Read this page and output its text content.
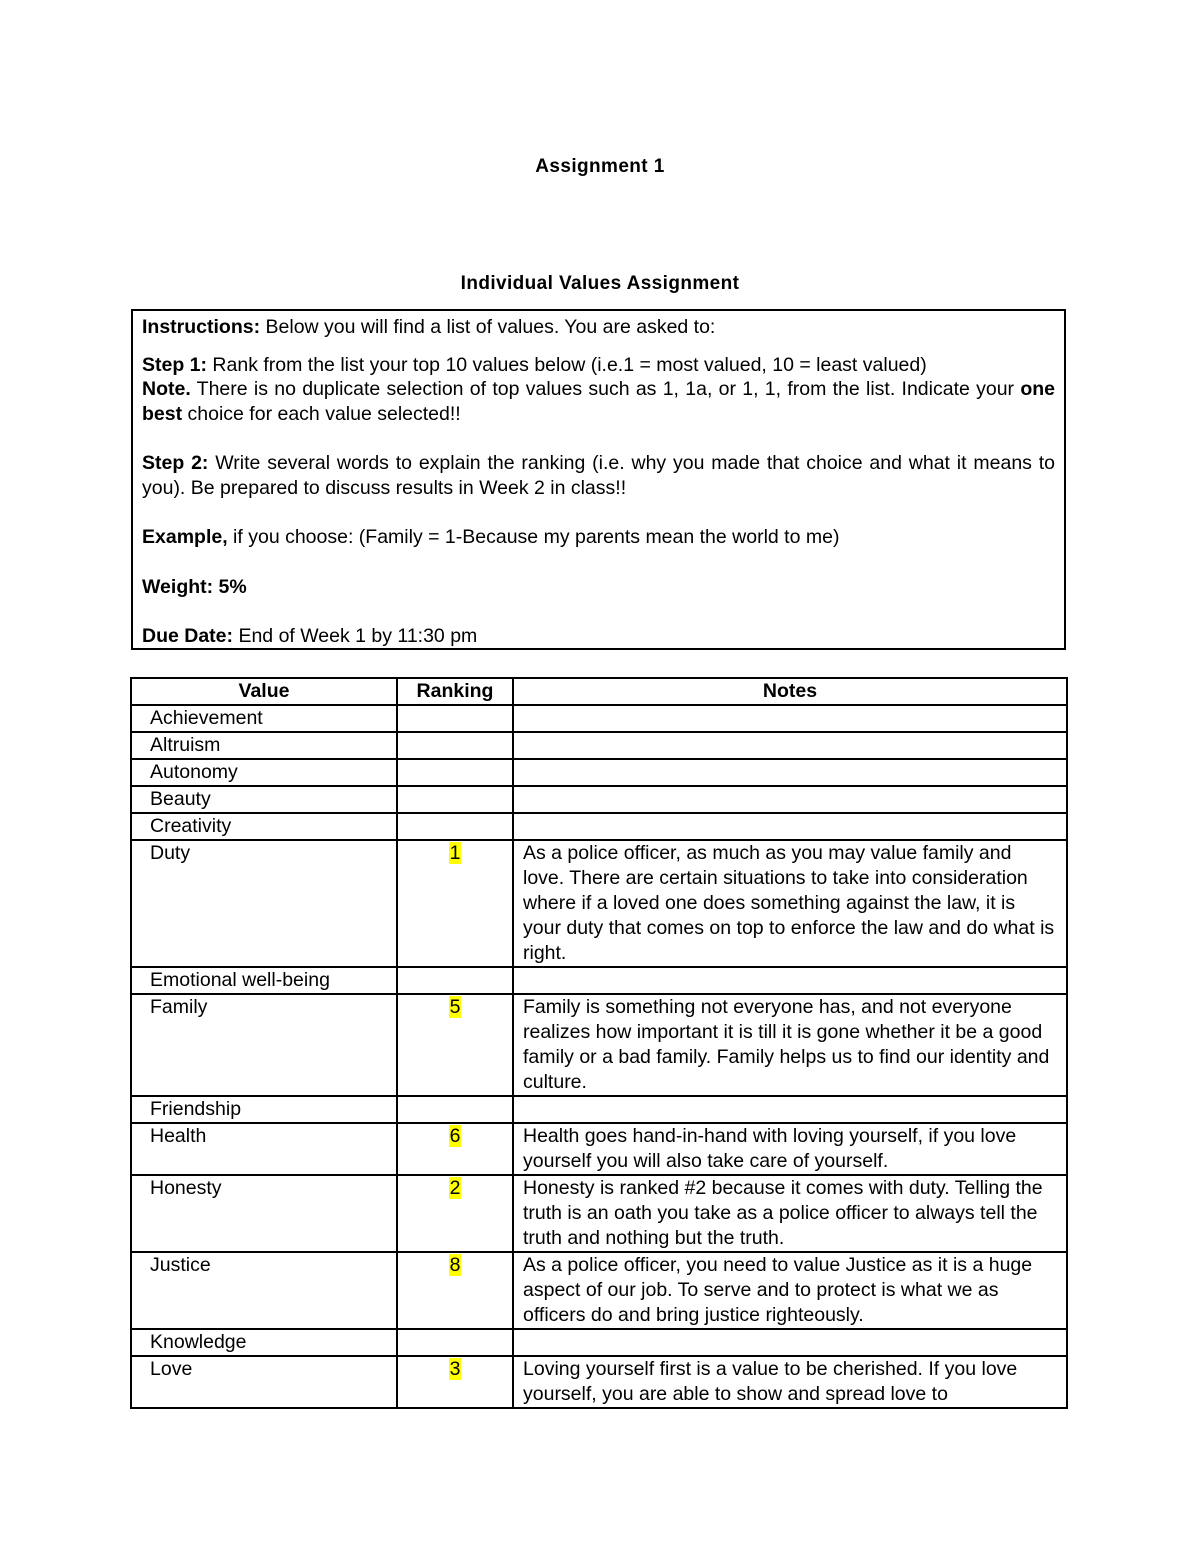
Assignment 1
Individual Values Assignment

Instructions: Below you will find a list of values. You are asked to:

Step 1: Rank from the list your top 10 values below (i.e.1 = most valued, 10 = least valued)
Note. There is no duplicate selection of top values such as 1, 1a, or 1, 1, from the list. Indicate your one best choice for each value selected!!

Step 2: Write several words to explain the ranking (i.e. why you made that choice and what it means to you). Be prepared to discuss results in Week 2 in class!!

Example, if you choose: (Family = 1-Because my parents mean the world to me)

Weight: 5%

Due Date: End of Week 1 by 11:30 pm

Value	Ranking	Notes
Achievement		
Altruism		
Autonomy		
Beauty		
Creativity		
Duty	1	As a police officer, as much as you may value family and love. There are certain situations to take into consideration where if a loved one does something against the law, it is your duty that comes on top to enforce the law and do what is right.
Emotional well-being		
Family	5	Family is something not everyone has, and not everyone realizes how important it is till it is gone whether it be a good family or a bad family. Family helps us to find our identity and culture.
Friendship		
Health	6	Health goes hand-in-hand with loving yourself, if you love yourself you will also take care of yourself.
Honesty	2	Honesty is ranked #2 because it comes with duty. Telling the truth is an oath you take as a police officer to always tell the truth and nothing but the truth.
Justice	8	As a police officer, you need to value Justice as it is a huge aspect of our job. To serve and to protect is what we as officers do and bring justice righteously.
Knowledge		
Love	3	Loving yourself first is a value to be cherished. If you love yourself, you are able to show and spread love to
